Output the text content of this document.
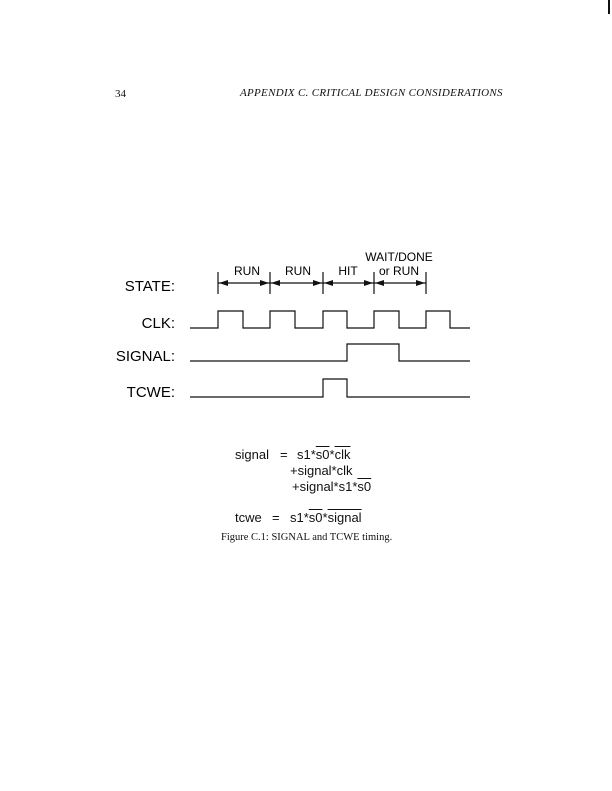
34	APPENDIX C. CRITICAL DESIGN CONSIDERATIONS
STATE:
CLK:
SIGNAL:
TCWE:
RUN RUN HIT
WAIT/DONE
or RUN
signal = $s1*s0*\overline{clk}$
+signal*clk
+signal*s1*s0
tcwe = s1*s0*signal
Figure C.1: SIGNAL and TCWE timing.
